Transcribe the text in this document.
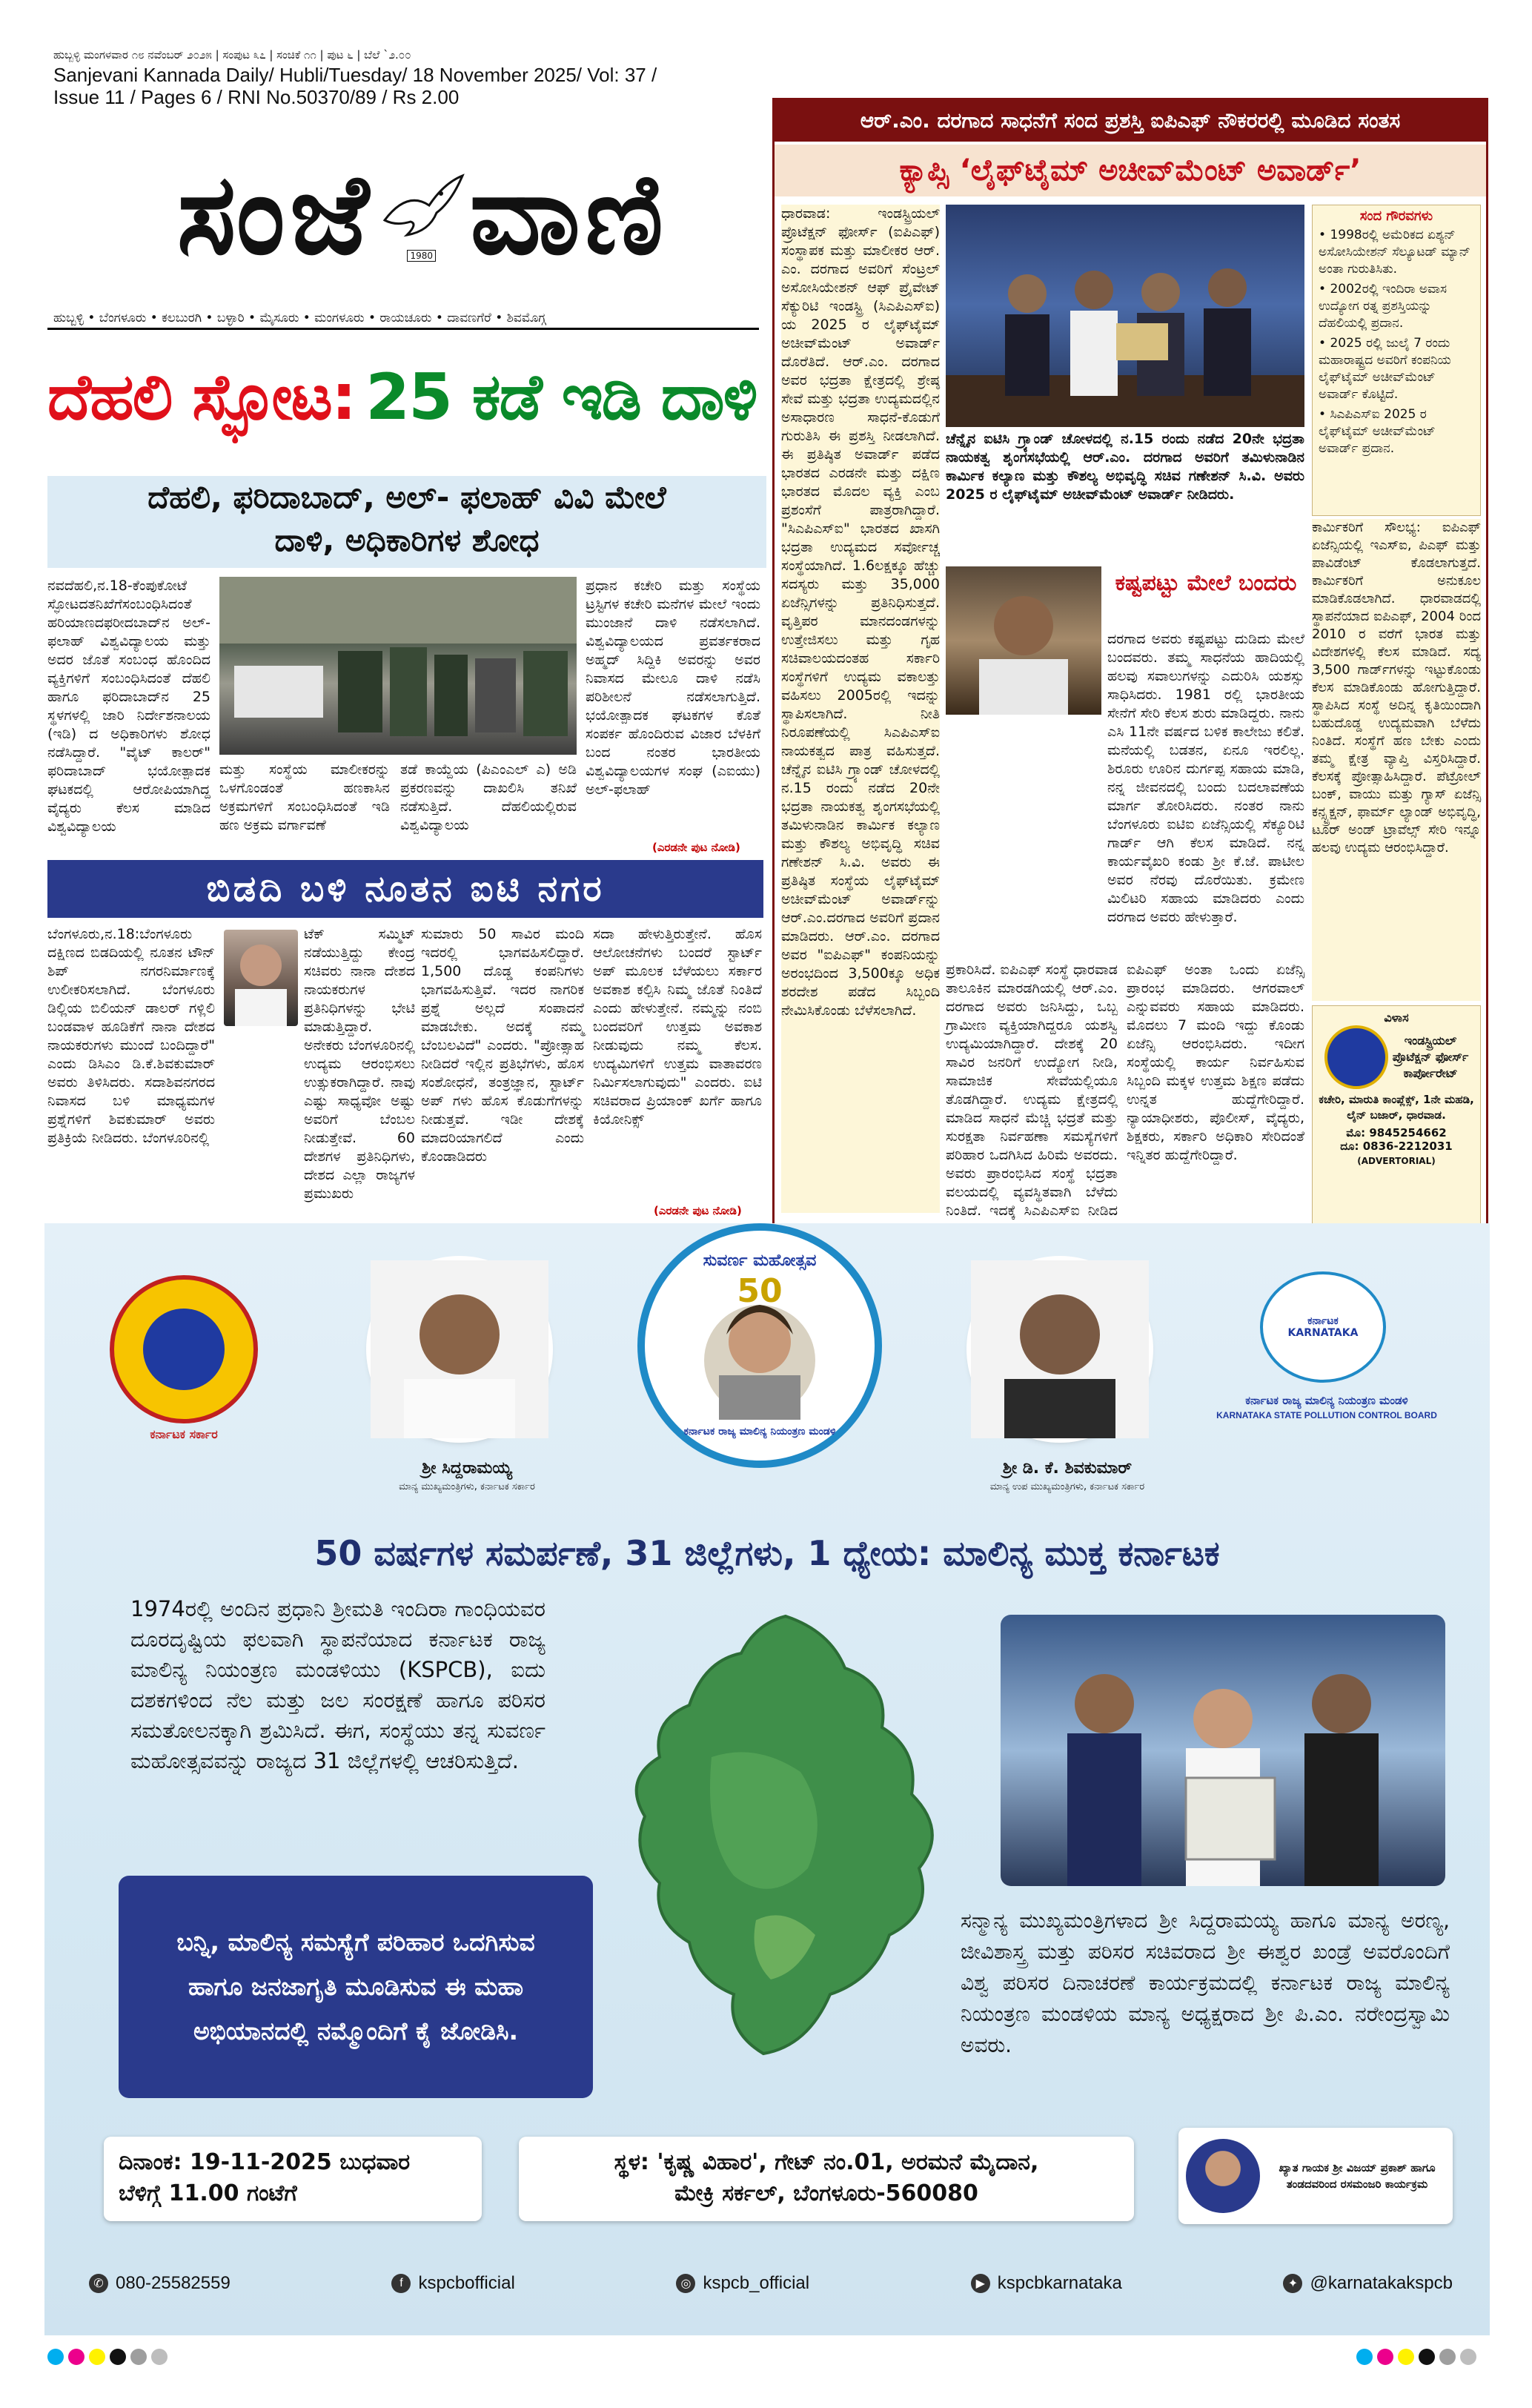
ಹುಬ್ಬಳ್ಳಿ ಮಂಗಳವಾರ ೧೮ ನವೆಂಬರ್ ೨೦೨೫ | ಸಂಪುಟ ೩೭ | ಸಂಚಿಕೆ ೧೧ | ಪುಟ ೬ | ಬೆಲೆ `೨.೦೦
Sanjevani Kannada Daily/ Hubli/Tuesday/ 18 November 2025/ Vol: 37 /
Issue 11 / Pages 6 / RNI No.50370/89 / Rs 2.00
ಸಂಜೆ	1980 ವಾಣಿ
ಹುಬ್ಬಳ್ಳಿ • ಬೆಂಗಳೂರು • ಕಲಬುರಗಿ • ಬಳ್ಳಾರಿ • ಮೈಸೂರು • ಮಂಗಳೂರು • ರಾಯಚೂರು • ದಾವಣಗೆರೆ • ಶಿವಮೊಗ್ಗ
ದೆಹಲಿ ಸ್ಫೋಟ: 25 ಕಡೆ ಇಡಿ ದಾಳಿ
ದೆಹಲಿ, ಫರಿದಾಬಾದ್, ಅಲ್- ಫಲಾಹ್ ವಿವಿ ಮೇಲೆ
ದಾಳಿ, ಅಧಿಕಾರಿಗಳ ಶೋಧ
ನವದೆಹಲಿ,ನ.18-ಕೆಂಪುಕೋಟೆ ಸ್ಫೋಟದತನಿಖೆಗೆಸಂಬಂಧಿಸಿದಂತೆ ಹರಿಯಾಣದಫರೀದಬಾದ್‌ನ ಅಲ್-ಫಲಾಹ್ ವಿಶ್ವವಿದ್ಯಾಲಯ ಮತ್ತು ಅದರ ಜೊತೆ ಸಂಬಂಧ ಹೊಂದಿದ ವ್ಯಕ್ತಿಗಳಿಗೆ ಸಂಬಂಧಿಸಿದಂತೆ ದೆಹಲಿ ಹಾಗೂ ಫರಿದಾಬಾದ್‌ನ 25 ಸ್ಥಳಗಳಲ್ಲಿ ಜಾರಿ ನಿರ್ದೇಶನಾಲಯ (ಇಡಿ) ದ ಅಧಿಕಾರಿಗಳು ಶೋಧ ನಡೆಸಿದ್ದಾರೆ. "ವೈಟ್ ಕಾಲರ್" ಫರಿದಾಬಾದ್ ಭಯೋತ್ಪಾದಕ ಘಟಕದಲ್ಲಿ ಆರೋಪಿಯಾಗಿದ್ದ ವೈದ್ಯರು ಕೆಲಸ ಮಾಡಿದ ವಿಶ್ವವಿದ್ಯಾಲಯ
ಮತ್ತು ಸಂಸ್ಥೆಯ ಮಾಲೀಕರನ್ನು ಒಳಗೊಂಡಂತೆ ಹಣಕಾಸಿನ ಅಕ್ರಮಗಳಿಗೆ ಸಂಬಂಧಿಸಿದಂತೆ ಇಡಿ ಹಣ ಅಕ್ರಮ ವರ್ಗಾವಣೆ
ತಡೆ ಕಾಯ್ದೆಯ (ಪಿಎಂಎಲ್ ಎ) ಅಡಿ ಪ್ರಕರಣವನ್ನು ದಾಖಲಿಸಿ ತನಿಖೆ ನಡೆಸುತ್ತಿದೆ. ದೆಹಲಿಯಲ್ಲಿರುವ ವಿಶ್ವವಿದ್ಯಾಲಯ
ಪ್ರಧಾನ ಕಚೇರಿ ಮತ್ತು ಸಂಸ್ಥೆಯ ಟ್ರಸ್ಟಿಗಳ ಕಚೇರಿ ಮನೆಗಳ ಮೇಲೆ ಇಂದು ಮುಂಜಾನೆ ದಾಳಿ ನಡೆಸಲಾಗಿದೆ. ವಿಶ್ವವಿದ್ಯಾಲಯದ ಪ್ರವರ್ತಕರಾದ ಅಹ್ಮದ್ ಸಿದ್ದಿಕಿ ಅವರನ್ನು ಅವರ ನಿವಾಸದ ಮೇಲೂ ದಾಳಿ ನಡೆಸಿ ಪರಿಶೀಲನೆ ನಡೆಸಲಾಗುತ್ತಿದೆ. ಭಯೋತ್ಪಾದಕ ಘಟಕಗಳ ಕೊತೆ ಸಂಪರ್ಕ ಹೊಂದಿರುವ ವಿಜಾರ ಬೆಳಕಿಗೆ ಬಂದ ನಂತರ ಭಾರತೀಯ ವಿಶ್ವವಿದ್ಯಾಲಯಗಳ ಸಂಘ (ಎಐಯು) ಅಲ್-ಫಲಾಹ್
(ಎರಡನೇ ಪುಟ ನೋಡಿ)
ಬಿಡದಿ ಬಳಿ ನೂತನ ಐಟಿ ನಗರ
ಬೆಂಗಳೂರು,ನ.18:ಬೆಂಗಳೂರು ದಕ್ಷಿಣದ ಬಿಡದಿಯಲ್ಲಿ ನೂತನ ಟೌನ್ ಶಿಪ್ ನಗರನಿರ್ಮಾಣಕ್ಕೆ ಉಲೀಕರಿಸಲಾಗಿದೆ. ಬೆಂಗಳೂರು ಡಿಲ್ಲಿಯ ಬಿಲಿಯನ್ ಡಾಲರ್ ಗಳ್ಲಿಲಿ ಬಂಡವಾಳ ಹೂಡಿಕೆಗೆ ನಾನಾ ದೇಶದ ನಾಯಕರುಗಳು ಮುಂದೆ ಬಂದಿದ್ದಾರೆ" ಎಂದು ಡಿಸಿಎಂ ಡಿ.ಕೆ.ಶಿವಕುಮಾರ್ ಅವರು ತಿಳಿಸಿದರು. ಸದಾಶಿವನಗರದ ನಿವಾಸದ ಬಳಿ ಮಾಧ್ಯಮಗಳ ಪ್ರಶ್ನೆಗಳಿಗೆ ಶಿವಕುಮಾರ್ ಅವರು ಪ್ರತಿಕ್ರಿಯೆ ನೀಡಿದರು. ಬೆಂಗಳೂರಿನಲ್ಲಿ
ಟೆಕ್ ಸಮ್ಮಿಟ್ ನಡೆಯುತ್ತಿದ್ದು ಕೇಂದ್ರ ಸಚಿವರು ನಾನಾ ದೇಶದ ನಾಯಕರುಗಳ ಪ್ರತಿನಿಧಿಗಳನ್ನು ಭೇಟಿ ಮಾಡುತ್ತಿದ್ದಾರೆ. ಅನೇಕರು ಬೆಂಗಳೂರಿನಲ್ಲಿ ಉದ್ಯಮ ಆರಂಭಿಸಲು ಉತ್ಸುಕರಾಗಿದ್ದಾರೆ. ನಾವು ಎಷ್ಟು ಸಾಧ್ಯವೋ ಅಷ್ಟು ಅವರಿಗೆ ಬೆಂಬಲ ನೀಡುತ್ತೇವೆ. 60 ದೇಶಗಳ ಪ್ರತಿನಿಧಿಗಳು, ದೇಶದ ಎಲ್ಲಾ ರಾಜ್ಯಗಳ ಪ್ರಮುಖರು
ಸುಮಾರು 50 ಸಾವಿರ ಮಂದಿ ಇದರಲ್ಲಿ ಭಾಗವಹಿಸಲಿದ್ದಾರೆ. 1,500 ದೊಡ್ಡ ಕಂಪನಿಗಳು ಭಾಗವಹಿಸುತ್ತಿವೆ. ಇದರ ನಾಗರಿಕ ಪ್ರಶ್ನೆ ಅಲ್ಲದೆ ಸಂಪಾದನೆ ಮಾಡಬೇಕು. ಅದಕ್ಕೆ ನಮ್ಮ ಬೆಂಬಲವಿದೆ" ಎಂದರು. "ಪ್ರೋತ್ಸಾಹ ನೀಡಿದರೆ ಇಲ್ಲಿನ ಪ್ರತಿಭೆಗಳು, ಹೊಸ ಸಂಶೋಧನೆ, ತಂತ್ರಜ್ಞಾನ, ಸ್ಟಾರ್ಟ್ ಅಪ್ ಗಳು ಹೊಸ ಕೊಡುಗೆಗಳನ್ನು ನೀಡುತ್ತವೆ. ಇಡೀ ದೇಶಕ್ಕೆ ಮಾದರಿಯಾಗಲಿದೆ ಎಂದು ಕೊಂಡಾಡಿದರು
ಸದಾ ಹೇಳುತ್ತಿರುತ್ತೇನೆ. ಹೊಸ ಆಲೋಚನೆಗಳು ಬಂದರೆ ಸ್ಟಾರ್ಟ್ ಅಪ್ ಮೂಲಕ ಬೆಳೆಯಲು ಸರ್ಕಾರ ಅವಕಾಶ ಕಲ್ಪಿಸಿ ನಿಮ್ಮ ಜೊತೆ ನಿಂತಿದೆ ಎಂದು ಹೇಳುತ್ತೇನೆ. ನಮ್ಮನ್ನು ನಂಬಿ ಬಂದವರಿಗೆ ಉತ್ತಮ ಅವಕಾಶ ನೀಡುವುದು ನಮ್ಮ ಕೆಲಸ. ಉದ್ಯಮಿಗಳಿಗೆ ಉತ್ತಮ ವಾತಾವರಣ ನಿರ್ಮಿಸಲಾಗುವುದು" ಎಂದರು. ಐಟಿ ಸಚಿವರಾದ ಪ್ರಿಯಾಂಕ್ ಖರ್ಗೆ ಹಾಗೂ ಕಿಯೋನಿಕ್ಸ್
(ಎರಡನೇ ಪುಟ ನೋಡಿ)
ಆರ್.ಎಂ. ದರಗಾದ ಸಾಧನೆಗೆ ಸಂದ ಪ್ರಶಸ್ತಿ ಐಪಿಎಫ್ ನೌಕರರಲ್ಲಿ ಮೂಡಿದ ಸಂತಸ
ಕ್ಯಾಪ್ಸಿ ‘ಲೈಫ್‌ಟೈಮ್ ಅಚೀವ್‌ಮೆಂಟ್ ಅವಾರ್ಡ್’
ಧಾರವಾಡ: ಇಂಡಸ್ಟ್ರಿಯಲ್ ಪ್ರೊಟೆಕ್ಷನ್ ಫೋರ್ಸ್ (ಐಪಿಎಫ್) ಸಂಸ್ಥಾಪಕ ಮತ್ತು ಮಾಲೀಕರ ಆರ್. ಎಂ. ದರಗಾದ ಅವರಿಗೆ ಸೆಂಟ್ರಲ್ ಅಸೋಸಿಯೇಶನ್ ಆಫ್ ಪ್ರೈವೇಟ್ ಸೆಕ್ಯುರಿಟಿ ಇಂಡಸ್ಟ್ರಿ (ಸಿಎಪಿಎಸ್ಐ) ಯ 2025 ರ ಲೈಫ್‌ಟೈಮ್ ಅಚೀವ್‌ಮೆಂಟ್ ಅವಾರ್ಡ್ ದೊರೆತಿದೆ. ಆರ್.ಎಂ. ದರಗಾದ ಅವರ ಭದ್ರತಾ ಕ್ಷೇತ್ರದಲ್ಲಿ ಶ್ರೇಷ್ಠ ಸೇವೆ ಮತ್ತು ಭದ್ರತಾ ಉದ್ಯಮದಲ್ಲಿನ ಅಸಾಧಾರಣ ಸಾಧನೆ-ಕೊಡುಗೆ ಗುರುತಿಸಿ ಈ ಪ್ರಶಸ್ತಿ ನೀಡಲಾಗಿದೆ. ಈ ಪ್ರತಿಷ್ಠಿತ ಅವಾರ್ಡ್ ಪಡೆದ ಭಾರತದ ಎರಡನೇ ಮತ್ತು ದಕ್ಷಿಣ ಭಾರತದ ಮೊದಲ ವ್ಯಕ್ತಿ ಎಂಬ ಪ್ರಶಂಸೆಗೆ ಪಾತ್ರರಾಗಿದ್ದಾರೆ. "ಸಿಎಪಿಎಸ್ಐ" ಭಾರತದ ಖಾಸಗಿ ಭದ್ರತಾ ಉದ್ಯಮದ ಸರ್ವೋಚ್ಚ ಸಂಸ್ಥೆಯಾಗಿದೆ. 1.6ಲಕ್ಷಕ್ಕೂ ಹೆಚ್ಚು ಸದಸ್ಯರು ಮತ್ತು 35,000 ಏಜೆನ್ಸಿಗಳನ್ನು ಪ್ರತಿನಿಧಿಸುತ್ತದೆ. ವೃತ್ತಿಪರ ಮಾನದಂಡಗಳನ್ನು ಉತ್ತೇಜಿಸಲು ಮತ್ತು ಗೃಹ ಸಚಿವಾಲಯದಂತಹ ಸರ್ಕಾರಿ ಸಂಸ್ಥೆಗಳಿಗೆ ಉದ್ಯಮ ವಕಾಲತ್ತು ವಹಿಸಲು 2005ರಲ್ಲಿ ಇದನ್ನು ಸ್ಥಾಪಿಸಲಾಗಿದೆ. ನೀತಿ ನಿರೂಪಣೆಯಲ್ಲಿ ಸಿಎಪಿಎಸ್ಐ ನಾಯಕತ್ವದ ಪಾತ್ರ ವಹಿಸುತ್ತದೆ. ಚೆನ್ನೈನ ಐಟಿಸಿ ಗ್ರ್ಯಾಂಡ್ ಚೋಳದಲ್ಲಿ ನ.15 ರಂದು ನಡೆದ 20ನೇ ಭದ್ರತಾ ನಾಯಕತ್ವ ಶೃಂಗಸಭೆಯಲ್ಲಿ ತಮಿಳುನಾಡಿನ ಕಾರ್ಮಿಕ ಕಲ್ಯಾಣ ಮತ್ತು ಕೌಶಲ್ಯ ಅಭಿವೃದ್ಧಿ ಸಚಿವ ಗಣೇಶನ್ ಸಿ.ವಿ. ಅವರು ಈ ಪ್ರತಿಷ್ಠಿತ ಸಂಸ್ಥೆಯ ಲೈಫ್‌ಟೈಮ್ ಅಚೀವ್‌ಮೆಂಟ್ ಅವಾರ್ಡ್‌ನ್ನು ಆರ್.ಎಂ.ದರಗಾದ ಅವರಿಗೆ ಪ್ರದಾನ ಮಾಡಿದರು. ಆರ್.ಎಂ. ದರಗಾದ ಅವರ "ಐಪಿಎಫ್" ಕಂಪನಿಯನ್ನು ಅರಂಭದಿಂದ 3,500ಕ್ಕೂ ಅಧಿಕ ಶರದೇಶ ಪಡೆದ ಸಿಬ್ಬಂದಿ ನೇಮಿಸಿಕೊಂಡು ಬೆಳೆಸಲಾಗಿದೆ.
ಚೆನ್ನೈನ ಐಟಿಸಿ ಗ್ರ್ಯಾಂಡ್ ಚೋಳದಲ್ಲಿ ನ.15 ರಂದು ನಡೆದ 20ನೇ ಭದ್ರತಾ ನಾಯಕತ್ವ ಶೃಂಗಸಭೆಯಲ್ಲಿ ಆರ್.ಎಂ. ದರಗಾದ ಅವರಿಗೆ ತಮಿಳುನಾಡಿನ ಕಾರ್ಮಿಕ ಕಲ್ಯಾಣ ಮತ್ತು ಕೌಶಲ್ಯ ಅಭಿವೃದ್ಧಿ ಸಚಿವ ಗಣೇಶನ್ ಸಿ.ವಿ. ಅವರು 2025 ರ ಲೈಫ್‌ಟೈಮ್ ಅಚೀವ್‌ಮೆಂಟ್ ಅವಾರ್ಡ್ ನೀಡಿದರು.
ಕಷ್ಟಪಟ್ಟು ಮೇಲೆ ಬಂದರು
ದರಗಾದ ಅವರು ಕಷ್ಟಪಟ್ಟು ದುಡಿದು ಮೇಲೆ ಬಂದವರು. ತಮ್ಮ ಸಾಧನೆಯ ಹಾದಿಯಲ್ಲಿ ಹಲವು ಸವಾಲುಗಳನ್ನು ಎದುರಿಸಿ ಯಶಸ್ಸು ಸಾಧಿಸಿದರು. 1981 ರಲ್ಲಿ ಭಾರತೀಯ ಸೇನೆಗೆ ಸೇರಿ ಕೆಲಸ ಶುರು ಮಾಡಿದ್ದರು. ನಾನು ಎಸಿ 11ನೇ ವರ್ಷದ ಬಳಿಕ ಕಾಲೇಜು ಕಲಿತೆ. ಮನೆಯಲ್ಲಿ ಬಡತನ, ಏನೂ ಇರಲಿಲ್ಲ. ಶಿರೂರು ಊರಿನ ದುರ್ಗಪ್ಪ ಸಹಾಯ ಮಾಡಿ, ನನ್ನ ಜೀವನದಲ್ಲಿ ಬಂದು ಬದಲಾವಣೆಯ ಮಾರ್ಗ ತೋರಿಸಿದರು. ನಂತರ ನಾನು ಬೆಂಗಳೂರು ಐಟಿಐ ಏಜೆನ್ಸಿಯಲ್ಲಿ ಸೆಕ್ಯೂರಿಟಿ ಗಾರ್ಡ್ ಆಗಿ ಕೆಲಸ ಮಾಡಿದೆ. ನನ್ನ ಕಾರ್ಯವೈಖರಿ ಕಂಡು ಶ್ರೀ ಕೆ.ಜೆ. ಪಾಟೀಲ ಅವರ ನೆರವು ದೊರೆಯಿತು. ಕ್ರಮೇಣ ಮಿಲಿಟರಿ ಸಹಾಯ ಮಾಡಿದರು ಎಂದು ದರಗಾದ ಅವರು ಹೇಳುತ್ತಾರೆ.
ಪ್ರಕಾರಿಸಿದೆ. ಐಪಿಎಫ್ ಸಂಸ್ಥೆ ಧಾರವಾಡ ತಾಲೂಕಿನ ಮಾರಡಗಿಯಲ್ಲಿ ಆರ್.ಎಂ. ದರಗಾದ ಅವರು ಜನಿಸಿದ್ದು, ಒಬ್ಬ ಗ್ರಾಮೀಣ ವ್ಯಕ್ತಿಯಾಗಿದ್ದರೂ ಯಶಸ್ವಿ ಉದ್ಯಮಿಯಾಗಿದ್ದಾರೆ. ದೇಶಕ್ಕೆ 20 ಸಾವಿರ ಜನರಿಗೆ ಉದ್ಯೋಗ ನೀಡಿ, ಸಾಮಾಜಿಕ ಸೇವೆಯಲ್ಲಿಯೂ ತೊಡಗಿದ್ದಾರೆ. ಉದ್ಯಮ ಕ್ಷೇತ್ರದಲ್ಲಿ ಮಾಡಿದ ಸಾಧನೆ ಮೆಚ್ಚಿ ಭದ್ರತೆ ಮತ್ತು ಸುರಕ್ಷತಾ ನಿರ್ವಹಣಾ ಸಮಸ್ಯೆಗಳಿಗೆ ಪರಿಹಾರ ಒದಗಿಸಿದ ಹಿರಿಮೆ ಅವರದು. ಅವರು ಪ್ರಾರಂಭಿಸಿದ ಸಂಸ್ಥೆ ಭದ್ರತಾ ವಲಯದಲ್ಲಿ ವ್ಯವಸ್ಥಿತವಾಗಿ ಬೆಳೆದು ನಿಂತಿದೆ. ಇದಕ್ಕೆ ಸಿಎಪಿಎಸ್ಐ ನೀಡಿದ
ಐಪಿಎಫ್ ಅಂತಾ ಒಂದು ಏಜೆನ್ಸಿ ಪ್ರಾರಂಭ ಮಾಡಿದರು. ಆಗರವಾಲ್ ಎನ್ನುವವರು ಸಹಾಯ ಮಾಡಿದರು. ಮೊದಲು 7 ಮಂದಿ ಇದ್ದು ಕೊಂಡು ಏಜೆನ್ಸಿ ಆರಂಭಿಸಿದರು. ಇದೀಗ ಸಂಸ್ಥೆಯಲ್ಲಿ ಕಾರ್ಯ ನಿರ್ವಹಿಸುವ ಸಿಬ್ಬಂದಿ ಮಕ್ಕಳ ಉತ್ತಮ ಶಿಕ್ಷಣ ಪಡೆದು ಉನ್ನತ ಹುದ್ದೆಗೇರಿದ್ದಾರೆ. ನ್ಯಾಯಾಧೀಶರು, ಪೊಲೀಸ್, ವೈದ್ಯರು, ಶಿಕ್ಷಕರು, ಸರ್ಕಾರಿ ಅಧಿಕಾರಿ ಸೇರಿದಂತೆ ಇನ್ನಿತರ ಹುದ್ದೆಗೇರಿದ್ದಾರೆ.
ಸಂದ ಗೌರವಗಳು
• 1998ರಲ್ಲಿ ಅಮೆರಿಕದ ಏಶ್ಯನ್ ಅಸೋಸಿಯೇಶನ್ ಸೆಲ್ಯೂಟಡ್ ಮ್ಯಾನ್ ಅಂತಾ ಗುರುತಿಸಿತು.
• 2002ರಲ್ಲಿ ಇಂದಿರಾ ಅವಾಸ ಉದ್ಯೋಗ ರತ್ನ ಪ್ರಶಸ್ತಿಯನ್ನು ದೆಹಲಿಯಲ್ಲಿ ಪ್ರದಾನ.
• 2025 ರಲ್ಲಿ ಜುಲೈ 7 ರಂದು ಮಹಾರಾಷ್ಟ್ರದ ಅವರಿಗೆ ಕಂಪನಿಯ ಲೈಫ್‌ಟೈಮ್ ಅಚೀವ್‌ಮೆಂಟ್ ಅವಾರ್ಡ್ ಕೊಟ್ಟಿದೆ.
• ಸಿಎಪಿಎಸ್ಐ 2025 ರ ಲೈಫ್‌ಟೈಮ್ ಅಚೀವ್‌ಮೆಂಟ್ ಅವಾರ್ಡ್ ಪ್ರದಾನ.
ಕಾರ್ಮಿಕರಿಗೆ ಸೌಲಭ್ಯ: ಐಪಿಎಫ್ ಏಜೆನ್ಸಿಯಲ್ಲಿ ಇಎಸ್ಐ, ಪಿಎಫ್ ಮತ್ತು ಪಾವಿಡೆಂಟ್ ಕೊಡಲಾಗುತ್ತದೆ. ಕಾರ್ಮಿಕರಿಗೆ ಅನುಕೂಲ ಮಾಡಿಕೊಡಲಾಗಿದೆ. ಧಾರವಾಡದಲ್ಲಿ ಸ್ಥಾಪನೆಯಾದ ಐಪಿಎಫ್, 2004 ರಿಂದ 2010 ರ ವರೆಗೆ ಭಾರತ ಮತ್ತು ವಿದೇಶಗಳಲ್ಲಿ ಕೆಲಸ ಮಾಡಿದೆ. ಸದ್ಯ 3,500 ಗಾರ್ಡ್‌ಗಳನ್ನು ಇಟ್ಟುಕೊಂಡು ಕೆಲಸ ಮಾಡಿಕೊಂಡು ಹೋಗುತ್ತಿದ್ದಾರೆ. ಸ್ಥಾಪಿಸಿದ ಸಂಸ್ಥೆ ಅದಿನ್ನ ಕೃತಿಯಿಂದಾಗಿ ಬಹುದೊಡ್ಡ ಉದ್ಯಮವಾಗಿ ಬೆಳೆದು ನಿಂತಿದೆ. ಸಂಸ್ಥೆಗೆ ಹಣ ಬೇಕು ಎಂದು ತಮ್ಮ ಕ್ಷೇತ್ರ ವ್ಯಾಪ್ತಿ ವಿಸ್ತರಿಸಿದ್ದಾರೆ. ಕೆಲಸಕ್ಕೆ ಪ್ರೋತ್ಸಾಹಿಸಿದ್ದಾರೆ. ಪೆಟ್ರೋಲ್ ಬಂಕ್, ವಾಯು ಮತ್ತು ಗ್ಯಾಸ್ ಏಜೆನ್ಸಿ ಕನ್ಸ್ಟ್ರಕ್ಷನ್, ಫಾರ್ಮ್ ಲ್ಯಾಂಡ್ ಅಭಿವೃದ್ಧಿ, ಟೂರ್ ಅಂಡ್ ಟ್ರಾವೆಲ್ಸ್ ಸೇರಿ ಇನ್ನೂ ಹಲವು ಉದ್ಯಮ ಆರಂಭಿಸಿದ್ದಾರೆ.
ವಿಳಾಸ
ಇಂಡಸ್ಟ್ರಿಯಲ್
ಪ್ರೊಟೆಕ್ಷನ್ ಫೋರ್ಸ್
ಕಾರ್ಪೋರೇಟ್
ಕಚೇರಿ, ಮಾರುತಿ ಕಾಂಪ್ಲೆಕ್ಸ್, 1ನೇ ಮಹಡಿ, ಲೈನ್ ಬಜಾರ್, ಧಾರವಾಡ.
ಮೊ: 9845254662
ದೂ: 0836-2212031
(ADVERTORIAL)
ಕರ್ನಾಟಕ ಸರ್ಕಾರ
ಶ್ರೀ ಸಿದ್ದರಾಮಯ್ಯ
ಮಾನ್ಯ ಮುಖ್ಯಮಂತ್ರಿಗಳು, ಕರ್ನಾಟಕ ಸರ್ಕಾರ
ಸುವರ್ಣ ಮಹೋತ್ಸವ
50
ಕರ್ನಾಟಕ ರಾಜ್ಯ ಮಾಲಿನ್ಯ ನಿಯಂತ್ರಣ ಮಂಡಳಿ
ಶ್ರೀ ಡಿ. ಕೆ. ಶಿವಕುಮಾರ್
ಮಾನ್ಯ ಉಪ ಮುಖ್ಯಮಂತ್ರಿಗಳು, ಕರ್ನಾಟಕ ಸರ್ಕಾರ
ಕರ್ನಾಟಕ KARNATAKA
ಕರ್ನಾಟಕ ರಾಜ್ಯ ಮಾಲಿನ್ಯ ನಿಯಂತ್ರಣ ಮಂಡಳಿ
KARNATAKA STATE POLLUTION CONTROL BOARD
50 ವರ್ಷಗಳ ಸಮರ್ಪಣೆ, 31 ಜಿಲ್ಲೆಗಳು, 1 ಧ್ಯೇಯ: ಮಾಲಿನ್ಯ ಮುಕ್ತ ಕರ್ನಾಟಕ
1974ರಲ್ಲಿ ಅಂದಿನ ಪ್ರಧಾನಿ ಶ್ರೀಮತಿ ಇಂದಿರಾ ಗಾಂಧಿಯವರ ದೂರದೃಷ್ಟಿಯ ಫಲವಾಗಿ ಸ್ಥಾಪನೆಯಾದ ಕರ್ನಾಟಕ ರಾಜ್ಯ ಮಾಲಿನ್ಯ ನಿಯಂತ್ರಣ ಮಂಡಳಿಯು (KSPCB), ಐದು ದಶಕಗಳಿಂದ ನೆಲ ಮತ್ತು ಜಲ ಸಂರಕ್ಷಣೆ ಹಾಗೂ ಪರಿಸರ ಸಮತೋಲನಕ್ಕಾಗಿ ಶ್ರಮಿಸಿದೆ. ಈಗ, ಸಂಸ್ಥೆಯು ತನ್ನ ಸುವರ್ಣ ಮಹೋತ್ಸವವನ್ನು ರಾಜ್ಯದ 31 ಜಿಲ್ಲೆಗಳಲ್ಲಿ ಆಚರಿಸುತ್ತಿದೆ.
ಬನ್ನಿ, ಮಾಲಿನ್ಯ ಸಮಸ್ಯೆಗೆ ಪರಿಹಾರ ಒದಗಿಸುವ ಹಾಗೂ ಜನಜಾಗೃತಿ ಮೂಡಿಸುವ ಈ ಮಹಾ ಅಭಿಯಾನದಲ್ಲಿ ನಮ್ಮೊಂದಿಗೆ ಕೈ ಜೋಡಿಸಿ.
ಸನ್ಮಾನ್ಯ ಮುಖ್ಯಮಂತ್ರಿಗಳಾದ ಶ್ರೀ ಸಿದ್ದರಾಮಯ್ಯ ಹಾಗೂ ಮಾನ್ಯ ಅರಣ್ಯ, ಜೀವಿಶಾಸ್ತ್ರ ಮತ್ತು ಪರಿಸರ ಸಚಿವರಾದ ಶ್ರೀ ಈಶ್ವರ ಖಂಡ್ರೆ ಅವರೊಂದಿಗೆ ವಿಶ್ವ ಪರಿಸರ ದಿನಾಚರಣೆ ಕಾರ್ಯಕ್ರಮದಲ್ಲಿ ಕರ್ನಾಟಕ ರಾಜ್ಯ ಮಾಲಿನ್ಯ ನಿಯಂತ್ರಣ ಮಂಡಳಿಯ ಮಾನ್ಯ ಅಧ್ಯಕ್ಷರಾದ ಶ್ರೀ ಪಿ.ಎಂ. ನರೇಂದ್ರಸ್ವಾಮಿ ಅವರು.
ದಿನಾಂಕ: 19-11-2025 ಬುಧವಾರ
ಬೆಳಿಗ್ಗೆ 11.00 ಗಂಟೆಗೆ
ಸ್ಥಳ: 'ಕೃಷ್ಣ ವಿಹಾರ', ಗೇಟ್ ನಂ.01, ಅರಮನೆ ಮೈದಾನ,
ಮೇಕ್ರಿ ಸರ್ಕಲ್, ಬೆಂಗಳೂರು-560080
ಖ್ಯಾತ ಗಾಯಕ ಶ್ರೀ ವಿಜಯ್ ಪ್ರಕಾಶ್ ಹಾಗೂ ತಂಡದವರಿಂದ ರಸಮಂಜರಿ ಕಾರ್ಯಕ್ರಮ
✆ 080-25582559	f kspcbofficial	◎ kspcb_official	▶ kspcbkarnataka	✦ @karnatakakspcb
